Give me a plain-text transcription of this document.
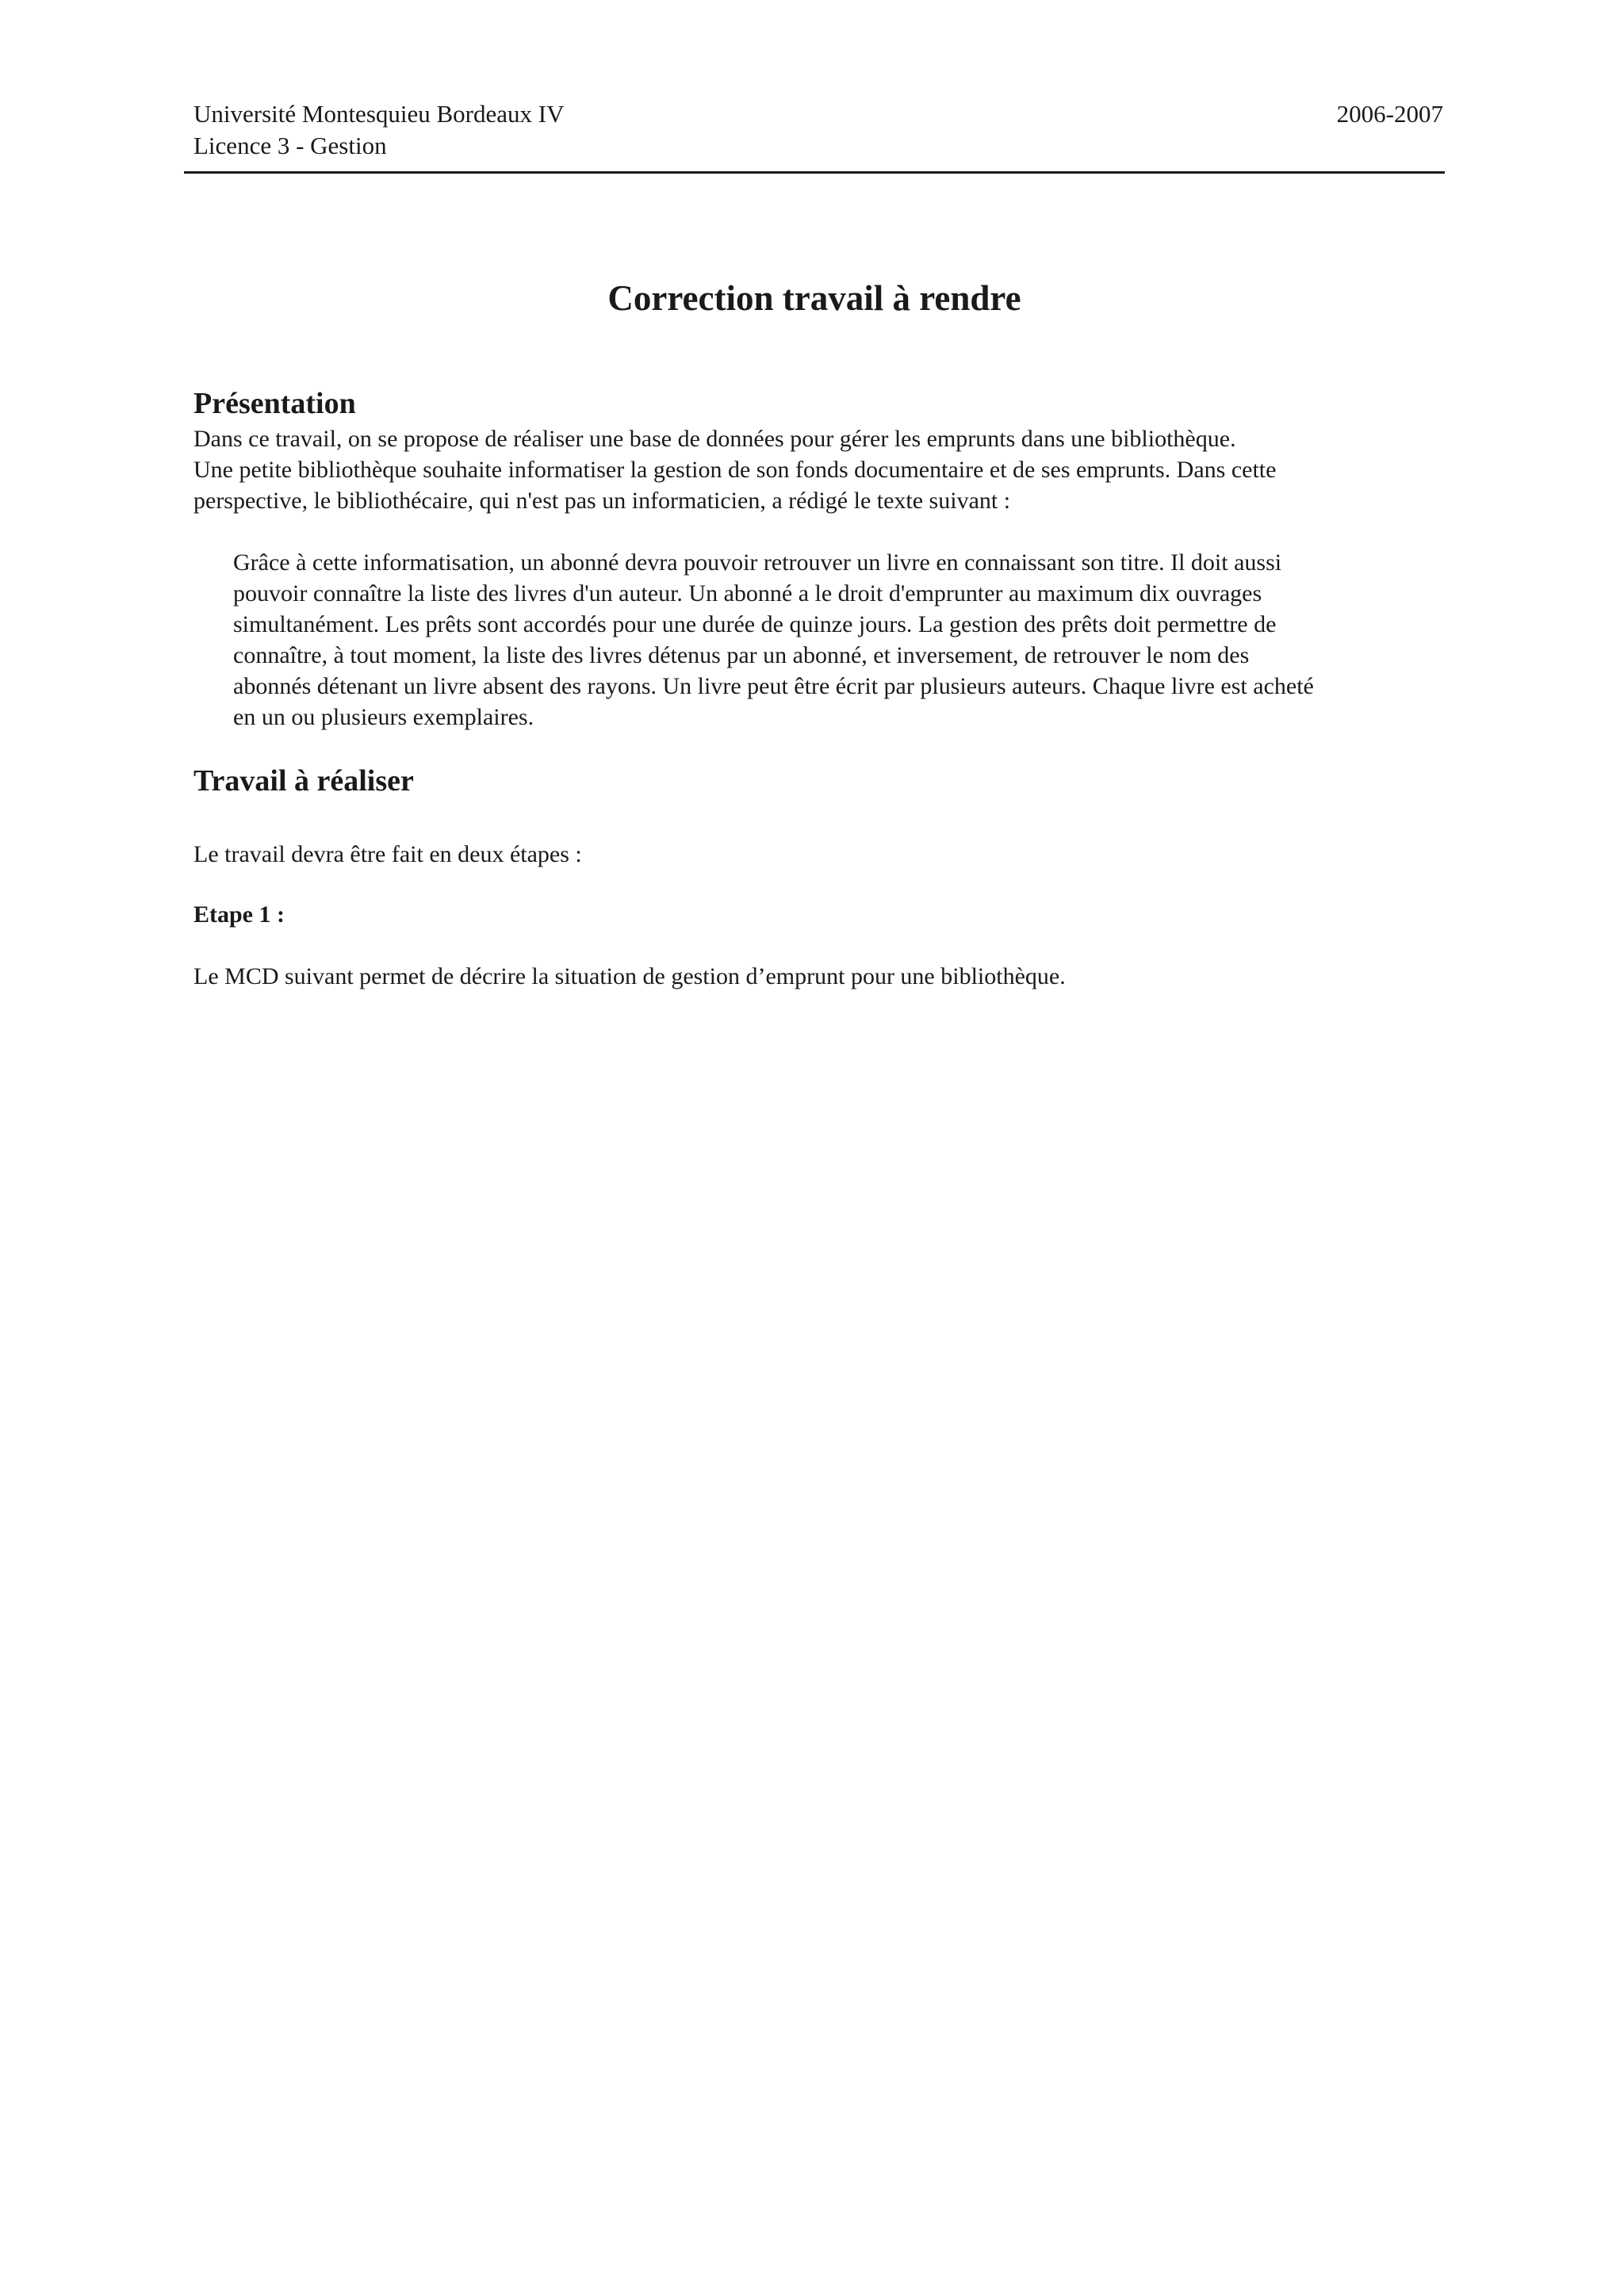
Université Montesquieu Bordeaux IV
Licence 3 - Gestion
2006-2007
Correction travail à rendre
Présentation
Dans ce travail, on se propose de réaliser une base de données pour gérer les emprunts dans une bibliothèque.
Une petite bibliothèque souhaite informatiser la gestion de son fonds documentaire et de ses emprunts. Dans cette
perspective, le bibliothécaire, qui n'est pas un informaticien, a rédigé le texte suivant :
Grâce à cette informatisation, un abonné devra pouvoir retrouver un livre en connaissant son titre. Il doit aussi
pouvoir connaître la liste des livres d'un auteur. Un abonné a le droit d'emprunter au maximum dix ouvrages
simultanément. Les prêts sont accordés pour une durée de quinze jours. La gestion des prêts doit permettre de
connaître, à tout moment, la liste des livres détenus par un abonné, et inversement, de retrouver le nom des
abonnés détenant un livre absent des rayons. Un livre peut être écrit par plusieurs auteurs. Chaque livre est acheté
en un ou plusieurs exemplaires.
Travail à réaliser
Le travail devra être fait en deux étapes :
Etape 1 :
Le MCD suivant permet de décrire la situation de gestion d’emprunt pour une bibliothèque.
